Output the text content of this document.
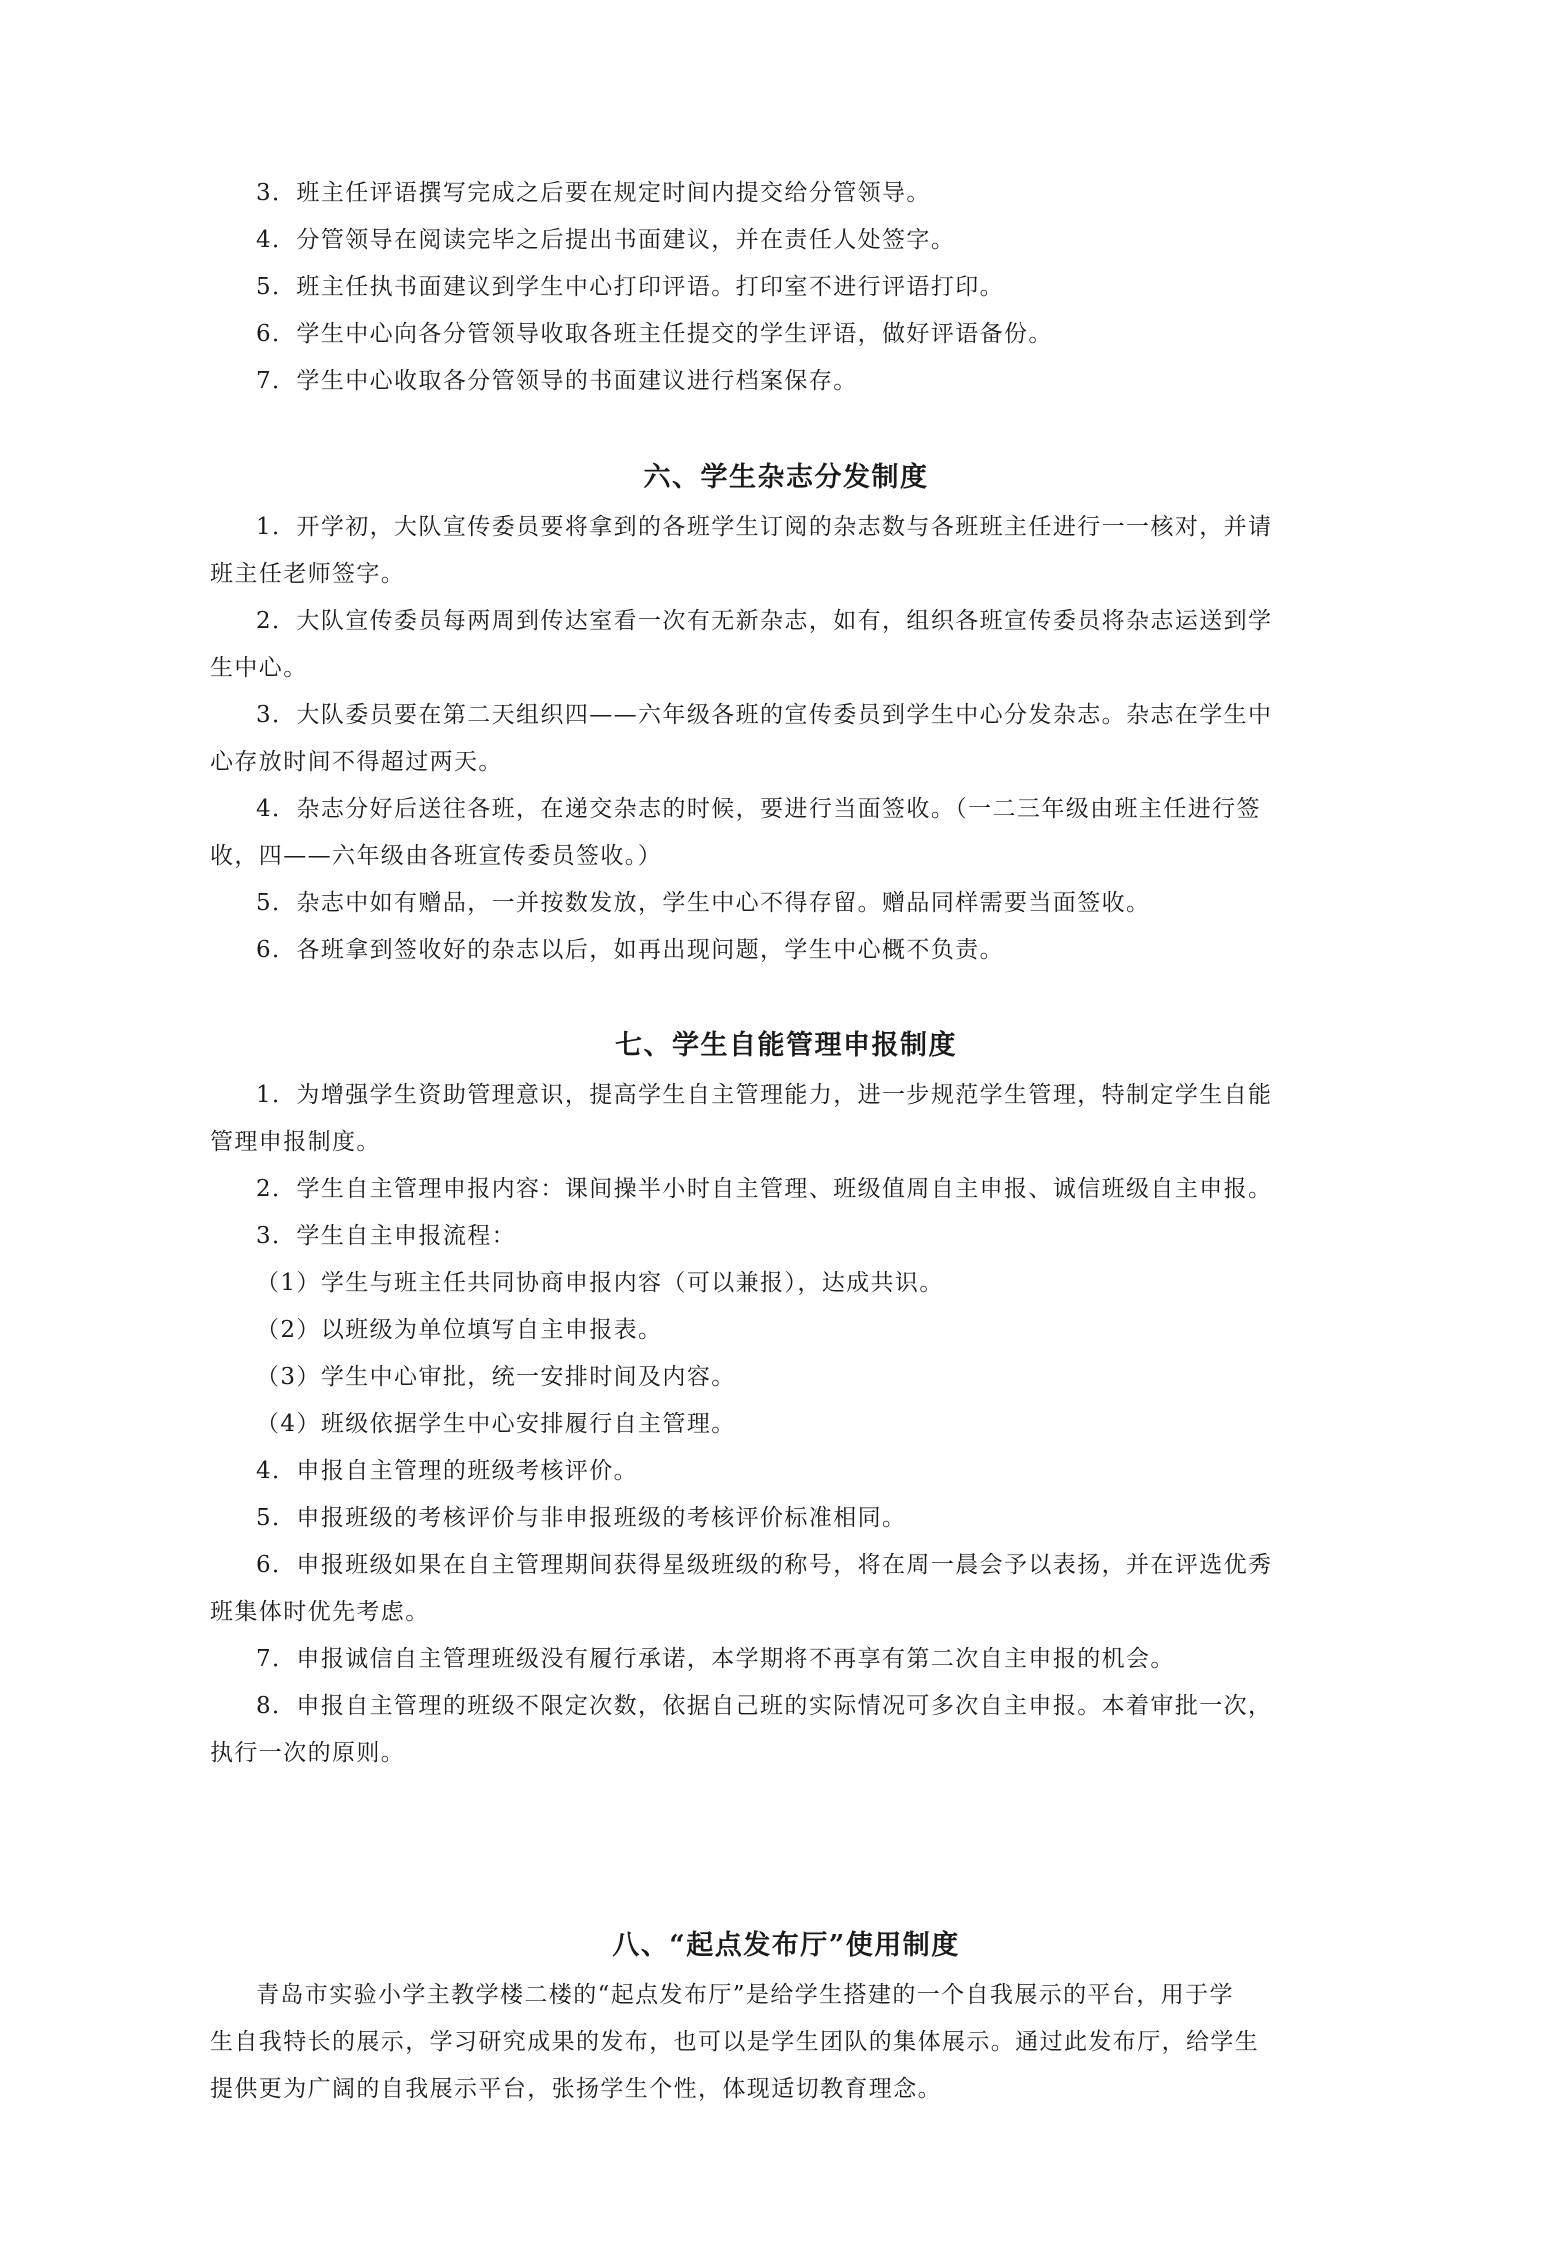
3．班主任评语撰写完成之后要在规定时间内提交给分管领导。
4．分管领导在阅读完毕之后提出书面建议，并在责任人处签字。
5．班主任执书面建议到学生中心打印评语。打印室不进行评语打印。
6．学生中心向各分管领导收取各班主任提交的学生评语，做好评语备份。
7．学生中心收取各分管领导的书面建议进行档案保存。
六、学生杂志分发制度
1．开学初，大队宣传委员要将拿到的各班学生订阅的杂志数与各班班主任进行一一核对，并请
班主任老师签字。
2．大队宣传委员每两周到传达室看一次有无新杂志，如有，组织各班宣传委员将杂志运送到学
生中心。
3．大队委员要在第二天组织四——六年级各班的宣传委员到学生中心分发杂志。杂志在学生中
心存放时间不得超过两天。
4．杂志分好后送往各班，在递交杂志的时候，要进行当面签收。（一二三年级由班主任进行签
收，四——六年级由各班宣传委员签收。）
5．杂志中如有赠品，一并按数发放，学生中心不得存留。赠品同样需要当面签收。
6．各班拿到签收好的杂志以后，如再出现问题，学生中心概不负责。
七、学生自能管理申报制度
1．为增强学生资助管理意识，提高学生自主管理能力，进一步规范学生管理，特制定学生自能
管理申报制度。
2．学生自主管理申报内容：课间操半小时自主管理、班级值周自主申报、诚信班级自主申报。
3．学生自主申报流程：
（1）学生与班主任共同协商申报内容（可以兼报），达成共识。
（2）以班级为单位填写自主申报表。
（3）学生中心审批，统一安排时间及内容。
（4）班级依据学生中心安排履行自主管理。
4．申报自主管理的班级考核评价。
5．申报班级的考核评价与非申报班级的考核评价标准相同。
6．申报班级如果在自主管理期间获得星级班级的称号，将在周一晨会予以表扬，并在评选优秀
班集体时优先考虑。
7．申报诚信自主管理班级没有履行承诺，本学期将不再享有第二次自主申报的机会。
8．申报自主管理的班级不限定次数，依据自己班的实际情况可多次自主申报。本着审批一次，
执行一次的原则。
八、“起点发布厅”使用制度
青岛市实验小学主教学楼二楼的“起点发布厅”是给学生搭建的一个自我展示的平台，用于学
生自我特长的展示，学习研究成果的发布，也可以是学生团队的集体展示。通过此发布厅，给学生
提供更为广阔的自我展示平台，张扬学生个性，体现适切教育理念。
